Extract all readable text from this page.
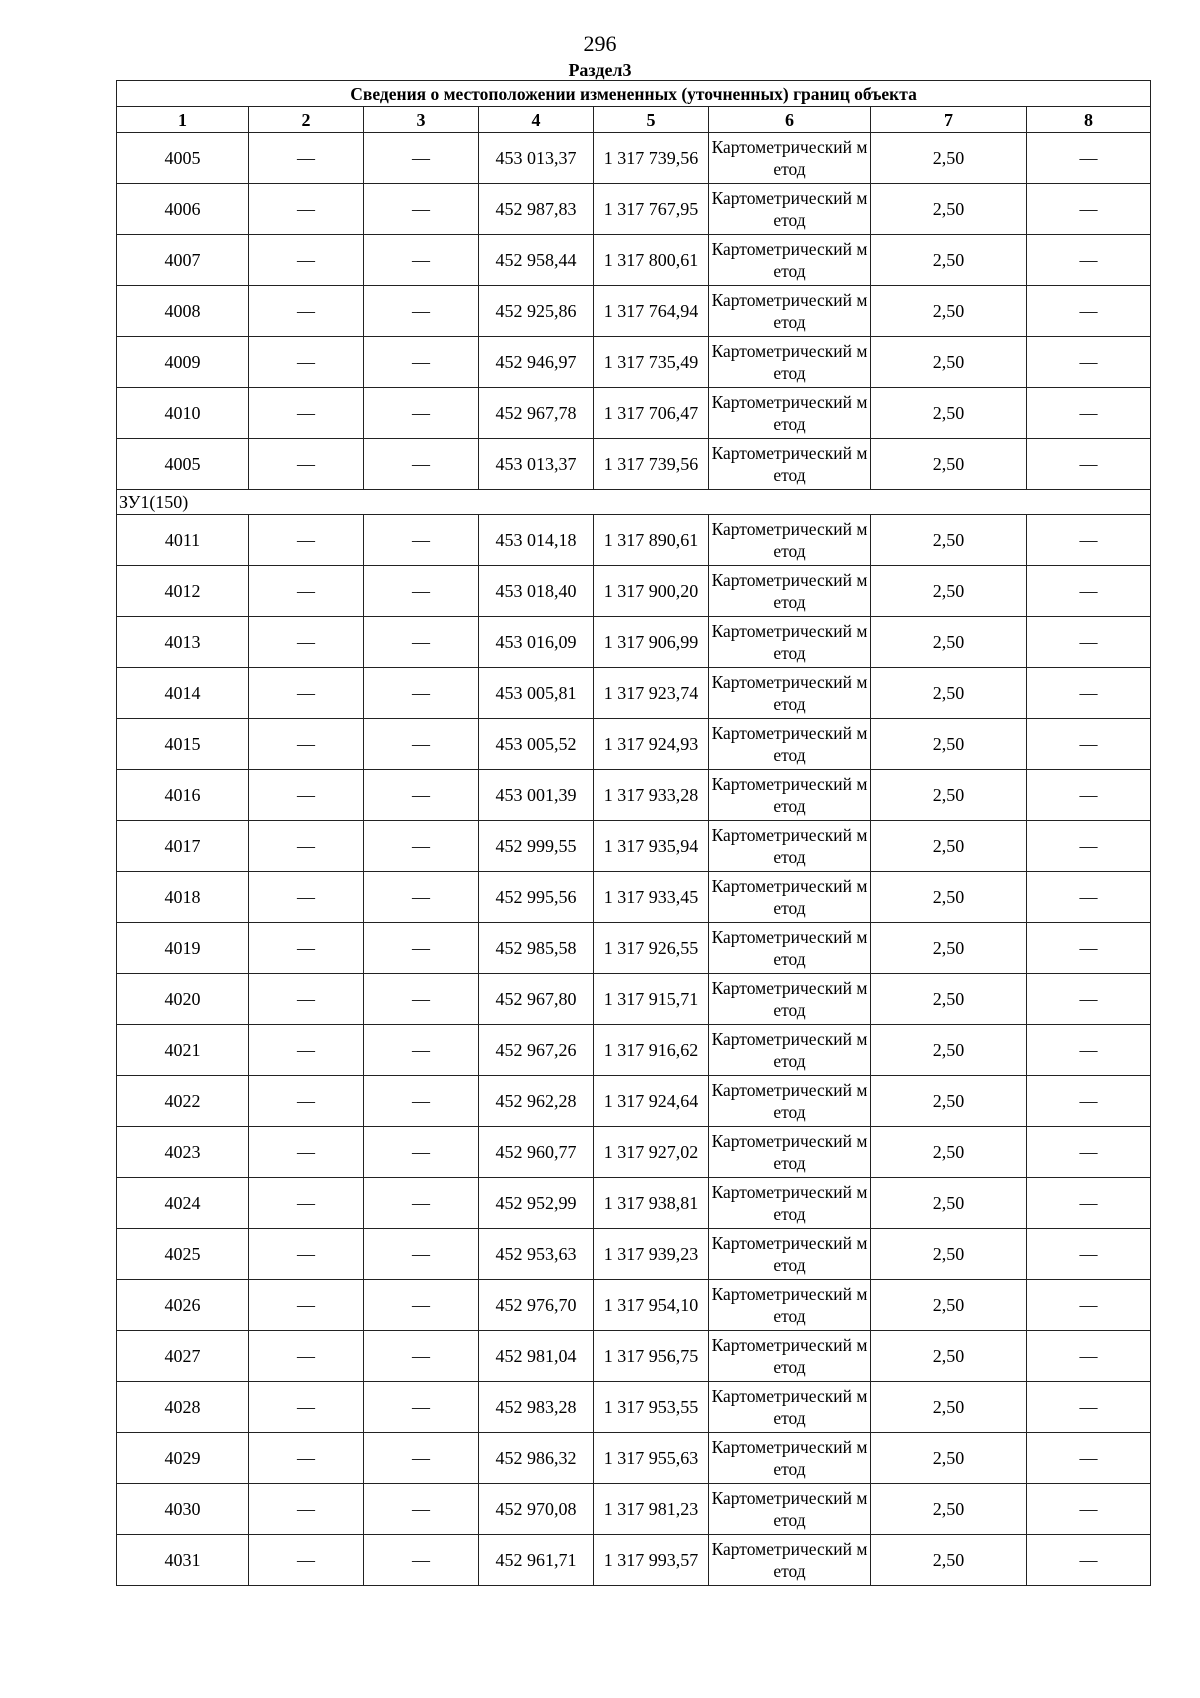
296
Раздел3
Сведения о местоположении измененных (уточненных) границ объекта							
1	2	3	4	5	6	7	8
4005	—	—	453 013,37	1 317 739,56	Картометрический метод	2,50	—
4006	—	—	452 987,83	1 317 767,95	Картометрический метод	2,50	—
4007	—	—	452 958,44	1 317 800,61	Картометрический метод	2,50	—
4008	—	—	452 925,86	1 317 764,94	Картометрический метод	2,50	—
4009	—	—	452 946,97	1 317 735,49	Картометрический метод	2,50	—
4010	—	—	452 967,78	1 317 706,47	Картометрический метод	2,50	—
4005	—	—	453 013,37	1 317 739,56	Картометрический метод	2,50	—
ЗУ1(150)							
4011	—	—	453 014,18	1 317 890,61	Картометрический метод	2,50	—
4012	—	—	453 018,40	1 317 900,20	Картометрический метод	2,50	—
4013	—	—	453 016,09	1 317 906,99	Картометрический метод	2,50	—
4014	—	—	453 005,81	1 317 923,74	Картометрический метод	2,50	—
4015	—	—	453 005,52	1 317 924,93	Картометрический метод	2,50	—
4016	—	—	453 001,39	1 317 933,28	Картометрический метод	2,50	—
4017	—	—	452 999,55	1 317 935,94	Картометрический метод	2,50	—
4018	—	—	452 995,56	1 317 933,45	Картометрический метод	2,50	—
4019	—	—	452 985,58	1 317 926,55	Картометрический метод	2,50	—
4020	—	—	452 967,80	1 317 915,71	Картометрический метод	2,50	—
4021	—	—	452 967,26	1 317 916,62	Картометрический метод	2,50	—
4022	—	—	452 962,28	1 317 924,64	Картометрический метод	2,50	—
4023	—	—	452 960,77	1 317 927,02	Картометрический метод	2,50	—
4024	—	—	452 952,99	1 317 938,81	Картометрический метод	2,50	—
4025	—	—	452 953,63	1 317 939,23	Картометрический метод	2,50	—
4026	—	—	452 976,70	1 317 954,10	Картометрический метод	2,50	—
4027	—	—	452 981,04	1 317 956,75	Картометрический метод	2,50	—
4028	—	—	452 983,28	1 317 953,55	Картометрический метод	2,50	—
4029	—	—	452 986,32	1 317 955,63	Картометрический метод	2,50	—
4030	—	—	452 970,08	1 317 981,23	Картометрический метод	2,50	—
4031	—	—	452 961,71	1 317 993,57	Картометрический метод	2,50	—
